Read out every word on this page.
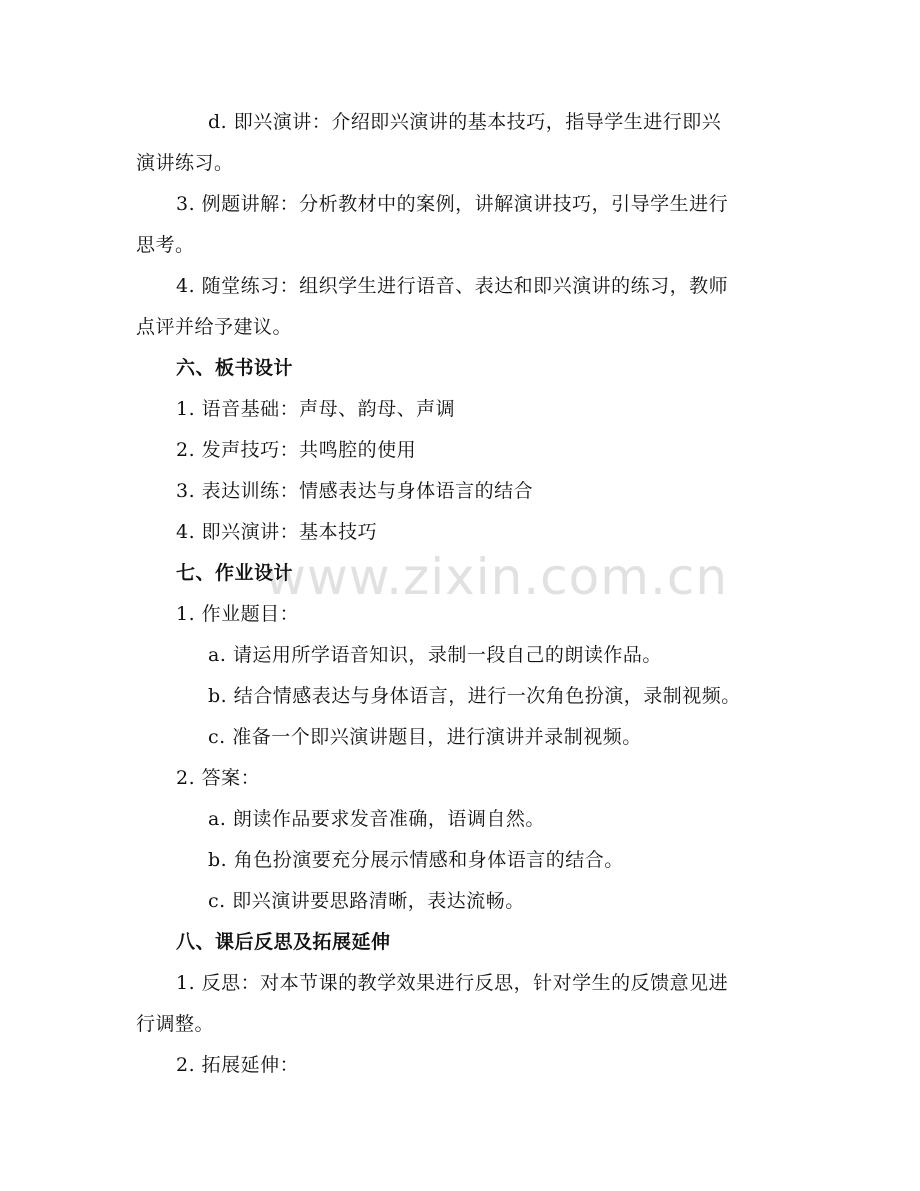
www.zixin.com.cn
d. 即兴演讲：介绍即兴演讲的基本技巧，指导学生进行即兴
演讲练习。
3. 例题讲解：分析教材中的案例，讲解演讲技巧，引导学生进行
思考。
4. 随堂练习：组织学生进行语音、表达和即兴演讲的练习，教师
点评并给予建议。
六、板书设计
1. 语音基础：声母、韵母、声调
2. 发声技巧：共鸣腔的使用
3. 表达训练：情感表达与身体语言的结合
4. 即兴演讲：基本技巧
七、作业设计
1. 作业题目：
a. 请运用所学语音知识，录制一段自己的朗读作品。
b. 结合情感表达与身体语言，进行一次角色扮演，录制视频。
c. 准备一个即兴演讲题目，进行演讲并录制视频。
2. 答案：
a. 朗读作品要求发音准确，语调自然。
b. 角色扮演要充分展示情感和身体语言的结合。
c. 即兴演讲要思路清晰，表达流畅。
八、课后反思及拓展延伸
1. 反思：对本节课的教学效果进行反思，针对学生的反馈意见进
行调整。
2. 拓展延伸：
